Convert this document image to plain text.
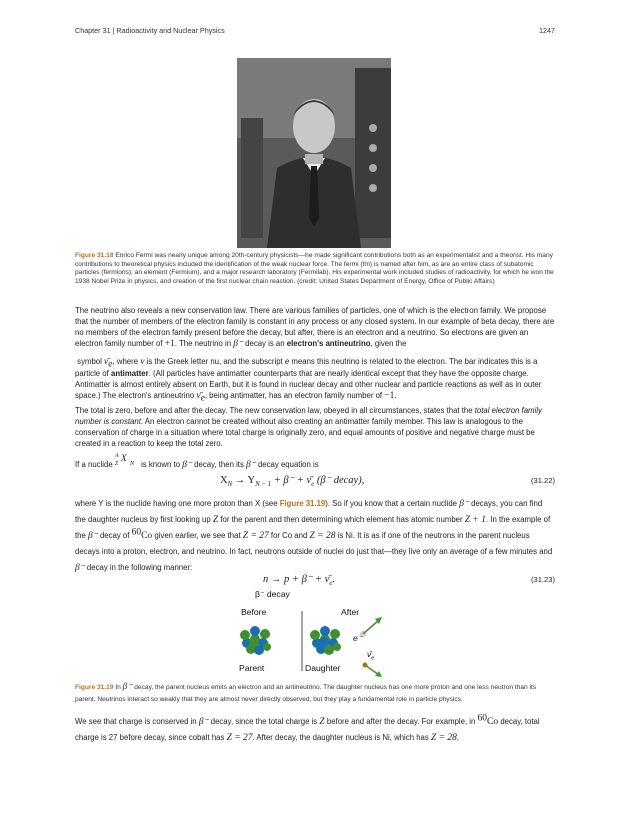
Chapter 31 | Radioactivity and Nuclear Physics	1247
Figure 31.18 Enrico Fermi was nearly unique among 20th-century physicists—he made significant contributions both as an experimentalist and a theorist. His many contributions to theoretical physics included the identification of the weak nuclear force. The fermi (fm) is named after him, as are an entire class of subatomic particles (fermions), an element (Fermium), and a major research laboratory (Fermilab). His experimental work included studies of radioactivity, for which he won the 1938 Nobel Prize in physics, and creation of the first nuclear chain reaction. (credit: United States Department of Energy, Office of Public Affairs)
The neutrino also reveals a new conservation law. There are various families of particles, one of which is the electron family. We propose that the number of members of the electron family is constant in any process or any closed system. In our example of beta decay, there are no members of the electron family present before the decay, but after, there is an electron and a neutrino. So electrons are given an electron family number of +1. The neutrino in β⁻ decay is an electron's antineutrino, given the
symbol $\nū_e$, where ν is the Greek letter nu, and the subscript e means this neutrino is related to the electron. The bar indicates this is a particle of antimatter. (All particles have antimatter counterparts that are nearly identical except that they have the opposite charge. Antimatter is almost entirely absent on Earth, but it is found in nuclear decay and other nuclear and particle reactions as well as in outer space.) The electron's antineutrino $\nū_e$, being antimatter, has an electron family number of −1.
The total is zero, before and after the decay. The new conservation law, obeyed in all circumstances, states that the total electron family number is constant. An electron cannot be created without also creating an antimatter family member. This law is analogous to the conservation of charge in a situation where total charge is originally zero, and equal amounts of positive and negative charge must be created in a reaction to keep the total zero.
If a nuclide
A
Z X N is known to β⁻ decay, then its β⁻ decay equation is
$X_N \to Y_{N - 1} + \beta^-$ + $\nū_e$ (β⁻ decay),	(31.22)
where Y is the nuclide having one more proton than X (see Figure 31.19). So if you know that a certain nuclide β⁻ decays, you can find the daughter nucleus by first looking up Z for the parent and then determining which element has atomic number Z + 1. In the example of the β⁻ decay of $^{60}$Co given earlier, we see that Z = 27 for Co and Z = 28 is Ni. It is as if one of the neutrons in the parent nucleus decays into a proton, electron, and neutrino. In fact, neutrons outside of nuclei do just that—they live only an average of a few minutes and β⁻ decay in the following manner:
$n \to p + \beta^- + \nū_e$.	(31.23)
β⁻ decay
Before	After
e⁻
$\nū_e$
Parent	Daughter
Figure 31.19 In β⁻ decay, the parent nucleus emits an electron and an antineutrino. The daughter nucleus has one more proton and one less neutron than its parent. Neutrinos interact so weakly that they are almost never directly observed, but they play a fundamental role in particle physics.
We see that charge is conserved in β⁻ decay, since the total charge is Z before and after the decay. For example, in $^{60}$Co decay, total charge is 27 before decay, since cobalt has Z = 27. After decay, the daughter nucleus is Ni, which has Z = 28,
